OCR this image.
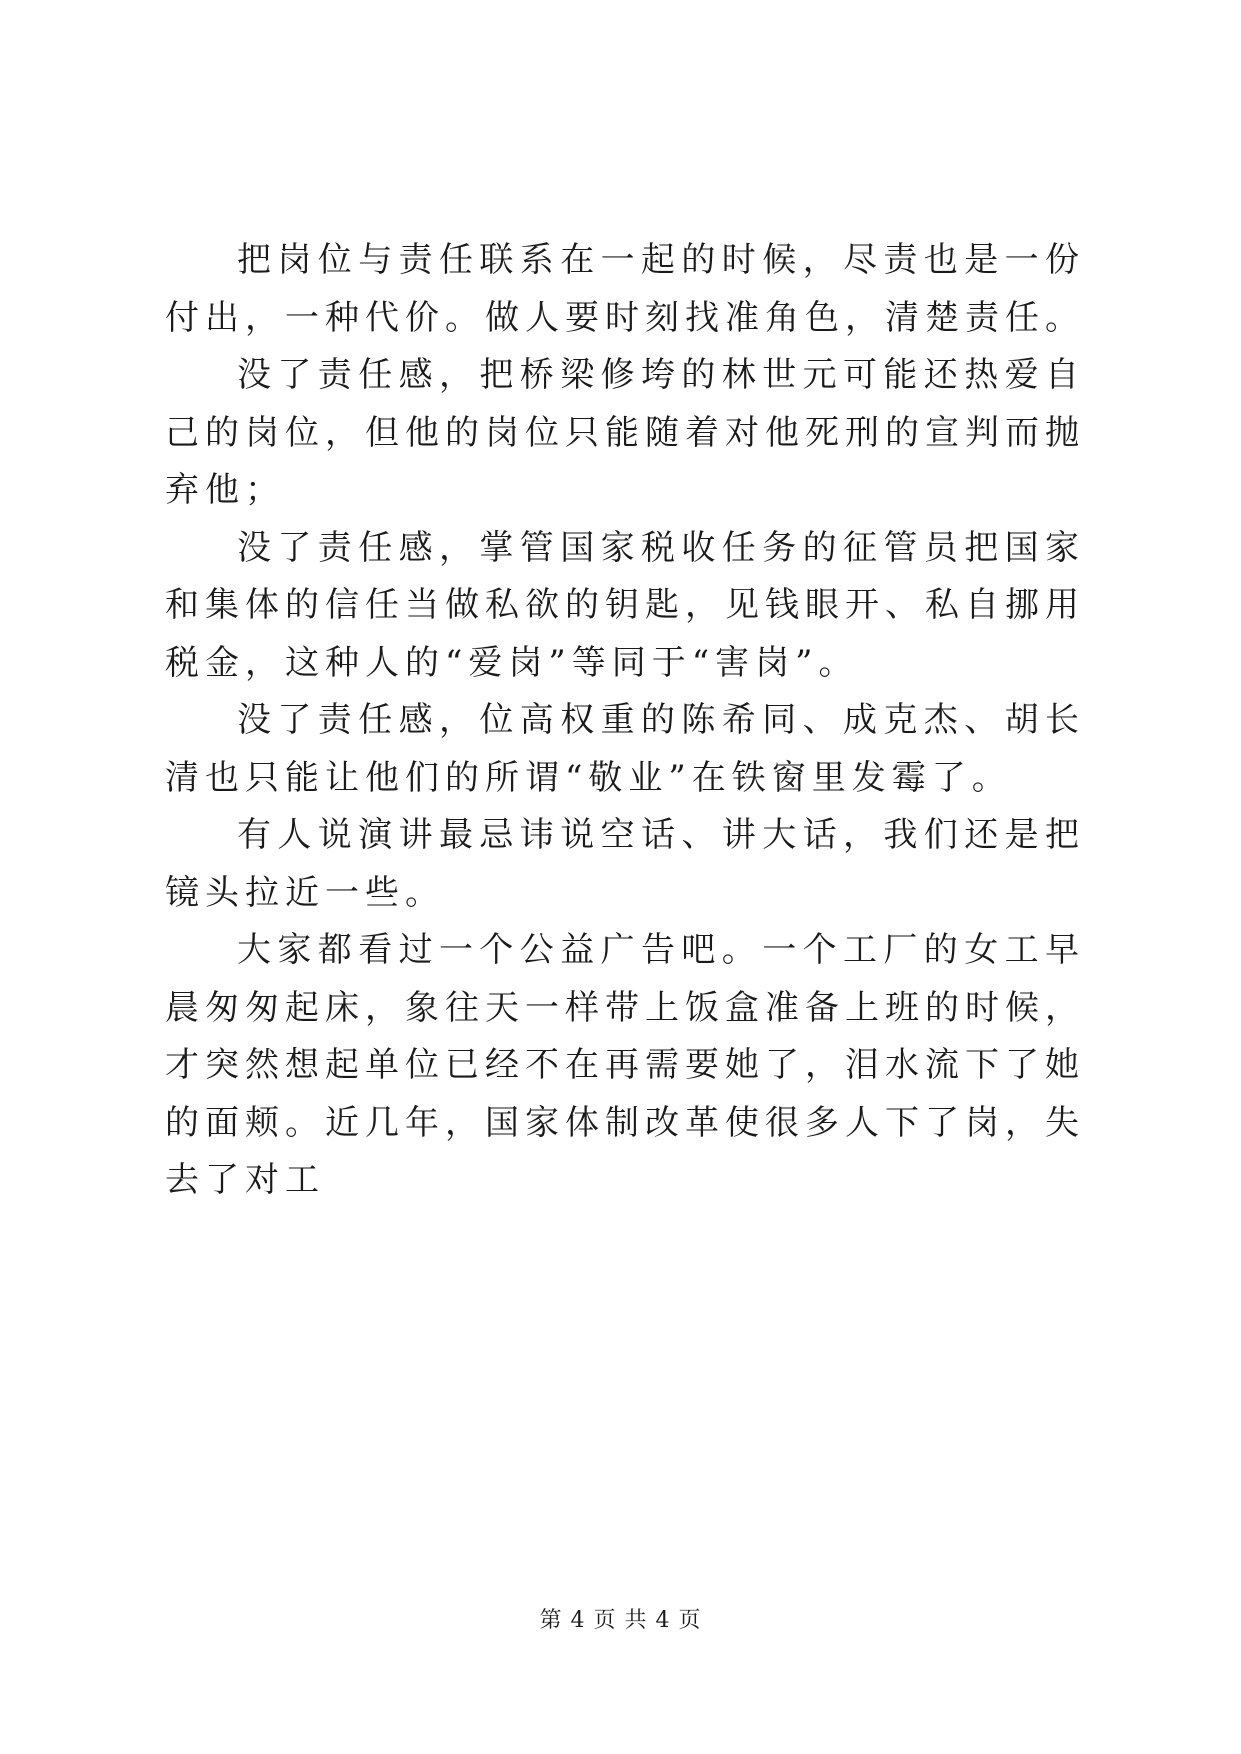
把岗位与责任联系在一起的时候，尽责也是一份付出，一种代价。做人要时刻找准角色，清楚责任。

没了责任感，把桥梁修垮的林世元可能还热爱自己的岗位，但他的岗位只能随着对他死刑的宣判而抛弃他；

没了责任感，掌管国家税收任务的征管员把国家和集体的信任当做私欲的钥匙，见钱眼开、私自挪用税金，这种人的“爱岗”等同于“害岗”。

没了责任感，位高权重的陈希同、成克杰、胡长清也只能让他们的所谓“敬业”在铁窗里发霉了。

有人说演讲最忌讳说空话、讲大话，我们还是把镜头拉近一些。

大家都看过一个公益广告吧。一个工厂的女工早晨匆匆起床，象往天一样带上饭盒准备上班的时候，才突然想起单位已经不在再需要她了，泪水流下了她的面颊。近几年，国家体制改革使很多人下了岗，失去了对工

第 4 页 共 4 页
